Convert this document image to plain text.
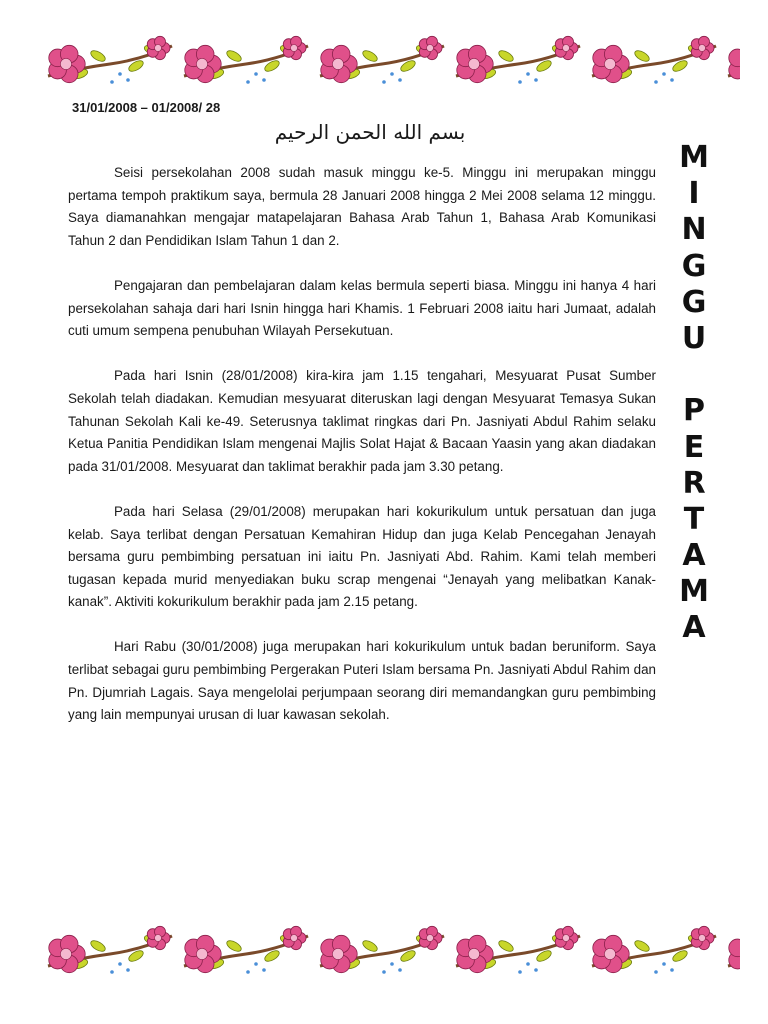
31/01/2008 – 01/2008/ 28
بسم الله الحمن الرحيم
M
I
N
G
G
U
P
E
R
T
A
M
A

Seisi persekolahan 2008 sudah masuk minggu ke-5. Minggu ini merupakan minggu pertama tempoh praktikum saya, bermula 28 Januari 2008 hingga 2 Mei 2008 selama 12 minggu. Saya diamanahkan mengajar matapelajaran Bahasa Arab Tahun 1, Bahasa Arab Komunikasi Tahun 2 dan Pendidikan Islam Tahun 1 dan 2.

Pengajaran dan pembelajaran dalam kelas bermula seperti biasa. Minggu ini hanya 4 hari persekolahan sahaja dari hari Isnin hingga hari Khamis. 1 Februari 2008 iaitu hari Jumaat, adalah cuti umum sempena penubuhan Wilayah Persekutuan.

Pada hari Isnin (28/01/2008) kira-kira jam 1.15 tengahari, Mesyuarat Pusat Sumber Sekolah telah diadakan. Kemudian mesyuarat diteruskan lagi dengan Mesyuarat Temasya Sukan Tahunan Sekolah Kali ke-49. Seterusnya taklimat ringkas dari Pn. Jasniyati Abdul Rahim selaku Ketua Panitia Pendidikan Islam mengenai Majlis Solat Hajat & Bacaan Yaasin yang akan diadakan pada 31/01/2008. Mesyuarat dan taklimat berakhir pada jam 3.30 petang.

Pada hari Selasa (29/01/2008) merupakan hari kokurikulum untuk persatuan dan juga kelab. Saya terlibat dengan Persatuan Kemahiran Hidup dan juga Kelab Pencegahan Jenayah bersama guru pembimbing persatuan ini iaitu Pn. Jasniyati Abd. Rahim. Kami telah memberi tugasan kepada murid menyediakan buku scrap mengenai “Jenayah yang melibatkan Kanak-kanak”. Aktiviti kokurikulum berakhir pada jam 2.15 petang.

Hari Rabu (30/01/2008) juga merupakan hari kokurikulum untuk badan beruniform. Saya terlibat sebagai guru pembimbing Pergerakan Puteri Islam bersama Pn. Jasniyati Abdul Rahim dan Pn. Djumriah Lagais. Saya mengelolai perjumpaan seorang diri memandangkan guru pembimbing yang lain mempunyai urusan di luar kawasan sekolah.
